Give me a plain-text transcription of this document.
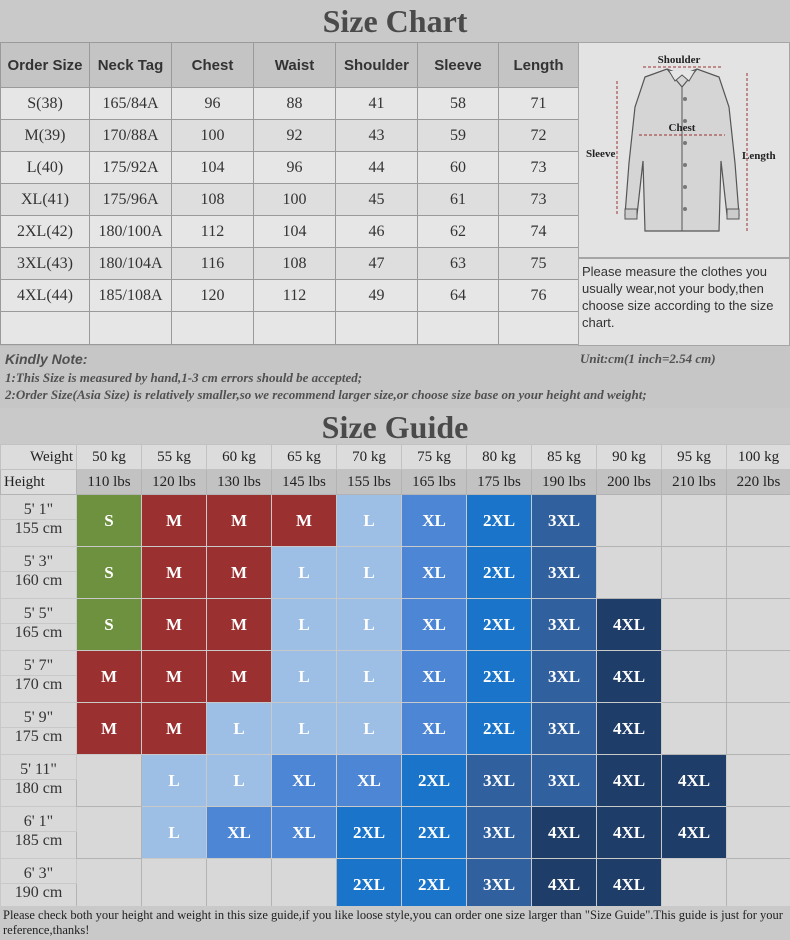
Size Chart
Order Size	Neck Tag	Chest	Waist	Shoulder	Sleeve	Length
S(38)	165/84A	96	88	41	58	71
M(39)	170/88A	100	92	43	59	72
L(40)	175/92A	104	96	44	60	73
XL(41)	175/96A	108	100	45	61	73
2XL(42)	180/100A	112	104	46	62	74
3XL(43)	180/104A	116	108	47	63	75
4XL(44)	185/108A	120	112	49	64	76

Shoulder
Chest
Sleeve	Length
Please measure the clothes you usually wear,not your body,then choose size according to the size chart.
Kindly Note:	Unit:cm(1 inch=2.54 cm)
1:This Size is measured by hand,1-3 cm errors should be accepted;
2:Order Size(Asia Size) is relatively smaller,so we recommend larger size,or choose size base on your height and weight;
Size Guide
Weight	50 kg	55 kg	60 kg	65 kg	70 kg	75 kg	80 kg	85 kg	90 kg	95 kg	100 kg
Height	110 lbs	120 lbs	130 lbs	145 lbs	155 lbs	165 lbs	175 lbs	190 lbs	200 lbs	210 lbs	220 lbs
5' 1"	S	M	M	M	L	XL	2XL	3XL			
155 cm											
5' 3"	S	M	M	L	L	XL	2XL	3XL			
160 cm											
5' 5"	S	M	M	L	L	XL	2XL	3XL	4XL		
165 cm											
5' 7"	M	M	M	L	L	XL	2XL	3XL	4XL		
170 cm											
5' 9"	M	M	L	L	L	XL	2XL	3XL	4XL		
175 cm											
5' 11"		L	L	XL	XL	2XL	3XL	3XL	4XL	4XL	
180 cm											
6' 1"		L	XL	XL	2XL	2XL	3XL	4XL	4XL	4XL	
185 cm											
6' 3"					2XL	2XL	3XL	4XL	4XL		
190 cm											
Please check both your height and weight in this size guide,if you like loose style,you can order one size larger than "Size Guide".This guide is just for your reference,thanks!
